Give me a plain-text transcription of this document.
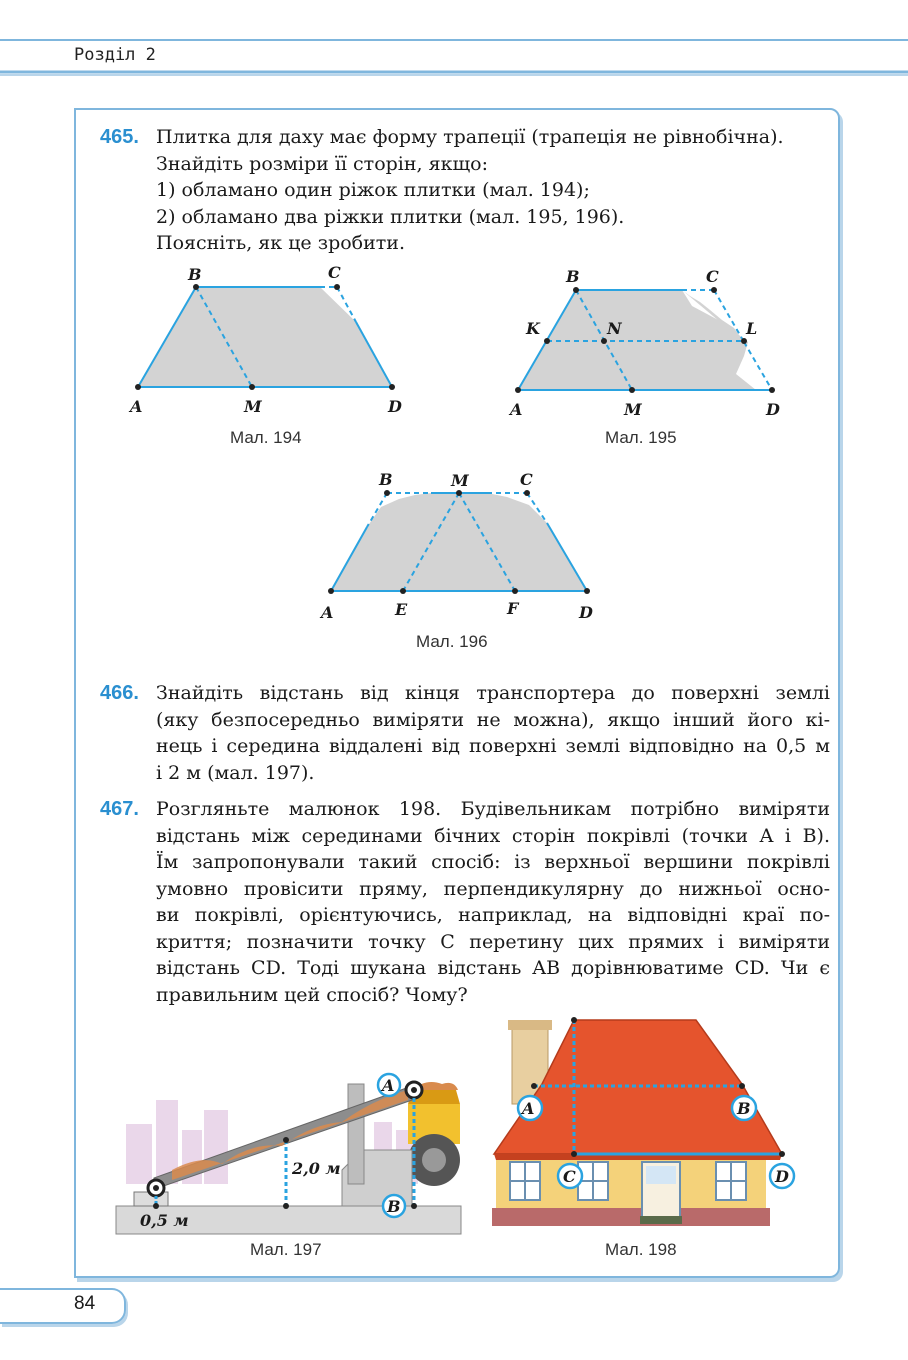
Розділ 2
465. Плитка для даху має форму трапеції (трапеція не рівнобічна).
Знайдіть розміри її сторін, якщо:
1) обламано один ріжок плитки (мал. 194);
2) обламано два ріжки плитки (мал. 195, 196).
Поясніть, як це зробити.
B	C
A	M	D
Мал. 194
B	C
K	N	L
A	M	D
Мал. 195
B	M	C
A	E	F	D
Мал. 196
466. Знайдіть відстань від кінця транспортера до поверхні землі
(яку безпосередньо виміряти не можна), якщо інший його кі-
нець і середина віддалені від поверхні землі відповідно на 0,5 м
і 2 м (мал. 197).
467. Розгляньте малюнок 198. Будівельникам потрібно виміряти
відстань між серединами бічних сторін покрівлі (точки A і B).
Їм запропонували такий спосіб: із верхньої вершини покрівлі
умовно провісити пряму, перпендикулярну до нижньої осно-
ви покрівлі, орієнтуючись, наприклад, на відповідні краї по-
криття; позначити точку C перетину цих прямих і виміряти
відстань CD. Тоді шукана відстань AB дорівнюватиме CD. Чи є
правильним цей спосіб? Чому?
A
B
2,0 м
0,5 м
Мал. 197
A	B
C	D
Мал. 198
84
